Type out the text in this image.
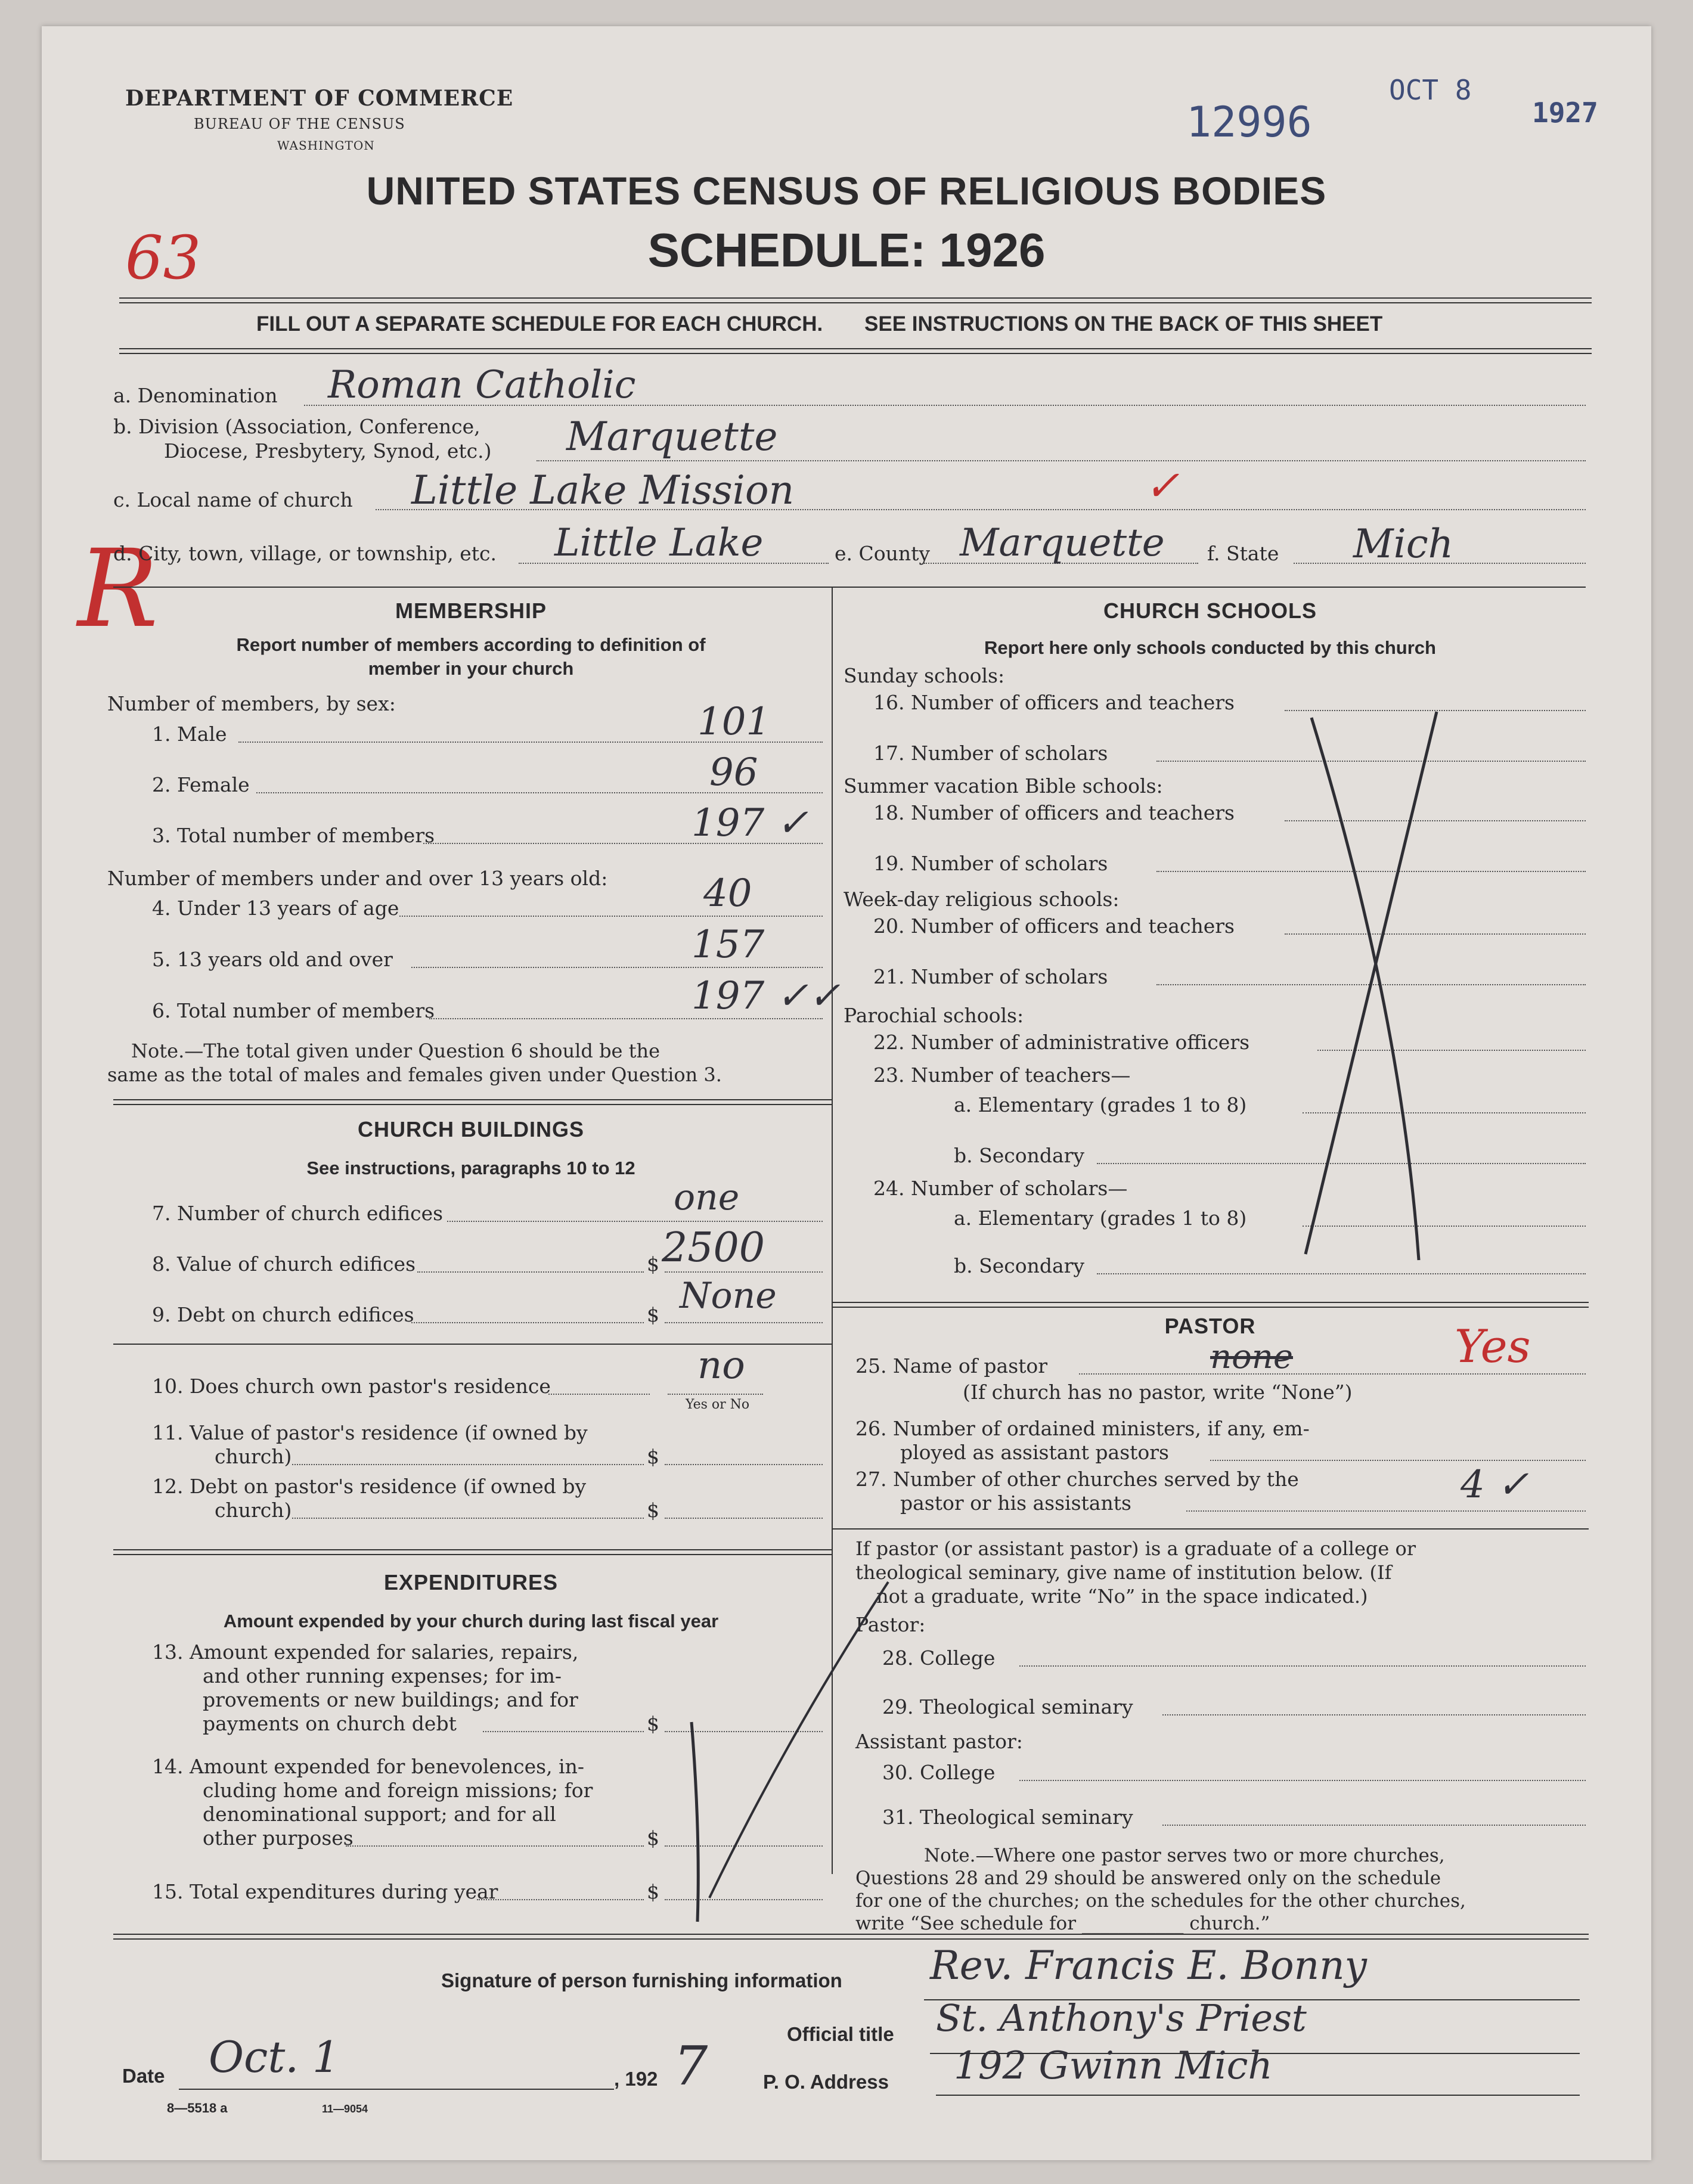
DEPARTMENT OF COMMERCE
BUREAU OF THE CENSUS
WASHINGTON	12996
OCT 8
1927
UNITED STATES CENSUS OF RELIGIOUS BODIES
SCHEDULE: 1926
63
FILL OUT A SEPARATE SCHEDULE FOR EACH CHURCH. SEE INSTRUCTIONS ON THE BACK OF THIS SHEET
a. Denomination Roman Catholic
b. Division (Association, Conference,
Diocese, Presbytery, Synod, etc.) Marquette
c. Local name of church Little Lake Mission	✓
R
d. City, town, village, or township, etc. Little Lake	e. County Marquette f. State Mich
MEMBERSHIP
Report number of members according to definition of
member in your church
Number of members, by sex:
1. Male	101
2. Female	96
3. Total number of members	197 ✓
Number of members under and over 13 years old:
4. Under 13 years of age	40
5. 13 years old and over	157
6. Total number of members	197 ✓✓
Note.—The total given under Question 6 should be the
same as the total of males and females given under Question 3.
CHURCH BUILDINGS
See instructions, paragraphs 10 to 12
7. Number of church edifices	one
8. Value of church edifices	$ 2500
9. Debt on church edifices	$ None
10. Does church own pastor's residence	no
Yes or No
11. Value of pastor's residence (if owned by
church)	$
12. Debt on pastor's residence (if owned by
church)	$
EXPENDITURES
Amount expended by your church during last fiscal year
13. Amount expended for salaries, repairs,
and other running expenses; for im-
provements or new buildings; and for
payments on church debt	$
14. Amount expended for benevolences, in-
cluding home and foreign missions; for
denominational support; and for all
other purposes	$
15. Total expenditures during year	$
CHURCH SCHOOLS
Report here only schools conducted by this church
Sunday schools:
16. Number of officers and teachers
17. Number of scholars
Summer vacation Bible schools:
18. Number of officers and teachers
19. Number of scholars
Week-day religious schools:
20. Number of officers and teachers
21. Number of scholars
Parochial schools:
22. Number of administrative officers
23. Number of teachers—
a. Elementary (grades 1 to 8)
b. Secondary
24. Number of scholars—
a. Elementary (grades 1 to 8)
b. Secondary
PASTOR
25. Name of pastor	none	Yes
(If church has no pastor, write “None”)
26. Number of ordained ministers, if any, em-
ployed as assistant pastors
27. Number of other churches served by the
pastor or his assistants	4 ✓
If pastor (or assistant pastor) is a graduate of a college or
theological seminary, give name of institution below. (If
not a graduate, write “No” in the space indicated.)
Pastor:
28. College
29. Theological seminary
Assistant pastor:
30. College
31. Theological seminary
Note.—Where one pastor serves two or more churches,
Questions 28 and 29 should be answered only on the schedule
for one of the churches; on the schedules for the other churches,
write “See schedule for ___________ church.”
Signature of person furnishing information Rev. Francis E. Bonny
Official title St. Anthony's Priest
Date Oct. 1	, 192 7	P. O. Address 192 Gwinn Mich
8—5518 a	11—9054
